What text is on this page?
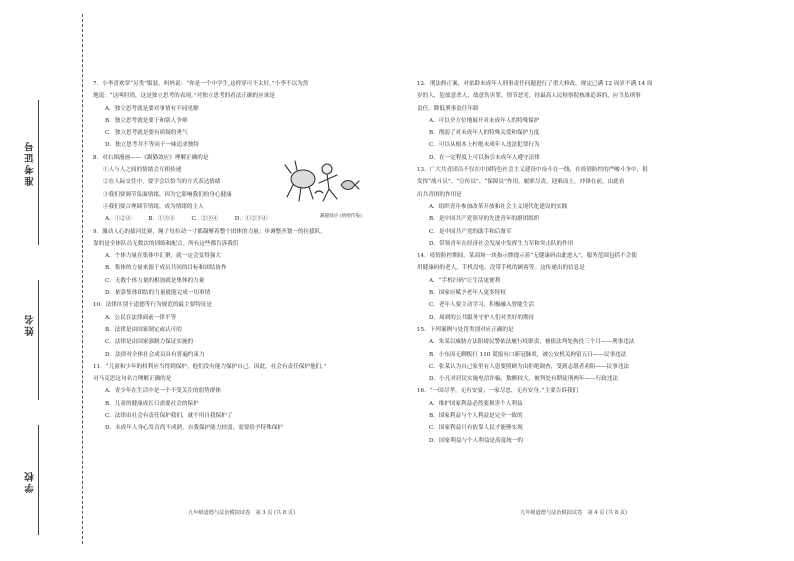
准考证号
姓名
学校

7．小李喜欢穿“另类”服装，妈妈说：“你是一个中学生,这样穿可不太好。”小李不以为然

地说：“这叫时尚，这是独立思考的表现。”对独立思考的看法正确的应该是

A．独立思考就是要对事情有不同见解

B．独立思考就是要于和别人争辩

C．独立思考就是要有质疑的勇气

D．独立思考并不等同于一味追求独特

8．对右图漫画——《踢猫效应》理解正确的是

①人与人之间的情绪会互相传递

②在人际交往中，要学会以恰当的方式表达情绪

③我们要调节负面情绪，因为它影响我们的身心健康

④我们要合理调节情绪，成为情绪的主人

A．①②④　　　B．①③④　　　C．②③④　　　D．①②③④

9．激动人心的拔河比赛，绳子每拉动一寸都凝聚着整个团体的力量；步调整齐划一的拉拔队，

靠的是全体队员无数次的训练和配合。所有这些都告诉我们

A．个体力量在集体中汇聚，就一定会变得强大

B．集体的力量来源于成员共同的目标和团结协作

C．无数个体力量的相加就是集体的力量

D．依靠集体团结的力量就能完成一切事情

10．法律区别于道德等行为规范的最主要特征是

A．公民在法律面前一律平等

B．法律是由国家制定或认可的

C．法律是由国家强制力保证实施的

D．法律对全体社会成员具有普遍约束力

11．“儿童和少年的权利应当得到保护。他们没有能力保护自己。因此，社会有责任保护他们。”

对马克思这句名言理解正确的是

A．青少年在生活中是一个不受关注的弱势群体

B．儿童的健康成长只需要社会的保护

C．法律由社会有责任保护我们，就不用自我保护了

D．未成年人身心发育尚不成熟，自我保护能力较弱，需要给予特殊保护

踢猫效应 (情绪传染)
九年级道德与法治模拟试卷　第 3 页 (共 8 页)

12．刑法修正案，对依龄未成年人刑事责任问题进行了重大修改。规定已满 12 周岁不满 14 周

岁的人，犯故意杀人、故意伤害罪，情节恶劣，经最高人民检察院核准追诉的，应当负刑事

责任。降低刑事责任年龄

A．可以全方位地展开对未成年人的特殊保护

B．削弱了对未成年人的特殊关爱和保护力度

C．可以从根本上杜绝未成年人违法犯罪行为

D．在一定程度上可以指引未成年人遵守法律

13．广大共青团员不仅在中国特色社会主义建设中奋斗在一线，在疫情防控的严峻斗争中，很

发挥“战斗员”、“宣传员”、“保障员”作用，履职尽责，迎难而上，冲锋在前。由此看

出共青团的作用是

A．组织青年参加改革开放和社会主义现代化建设的实践

B．是中国共产党领导的先进青年的群团组织

C．是中国共产党的助手和后备军

D．带领青年在经济社会发展中发挥生力军和突击队的作用

14．疫情防控期间，某商场一块指示牌提示着“无健康码由此进入”，服务范围包括不会使

用健康码的老人，手机没电、没带手机的顾客等。这传递出的信息是

A．“手机扫码”让生活更便利

B．国家应赋予老年人更多特权

C．老年人要主动学习，积极融入智能生活

D．周到的公共服务守护人们对美好的期待

15．下列案例与处罚类别对应正确的是

A．朱某以威胁方法阻碍民警依法履行疫职责，被依法判处拘役三个月——刑事违法

B．小东因无聊拨打 110 谎报有口新冠肺炎，被公安机关拘留五日——民事违法

C．张某认为自己家里有人患要照顾为由拒绝调查，受到志愿者劝阻——民事违法

D．小凡对居民实施电信诈骗，数额较大，被判处有期徒刑两年——行政违法

16．“一国尽孝，无有安宴；一家尽忠，无有安身。”主要告诉我们

A．维护国家利益必然要损害个人利益

B．国家利益与个人利益是完全一致的

C．国家利益只有依靠人民才能够实现

D．国家利益与个人利益是高度统一的

九年级道德与法治模拟试卷　第 4 页 (共 8 页)
